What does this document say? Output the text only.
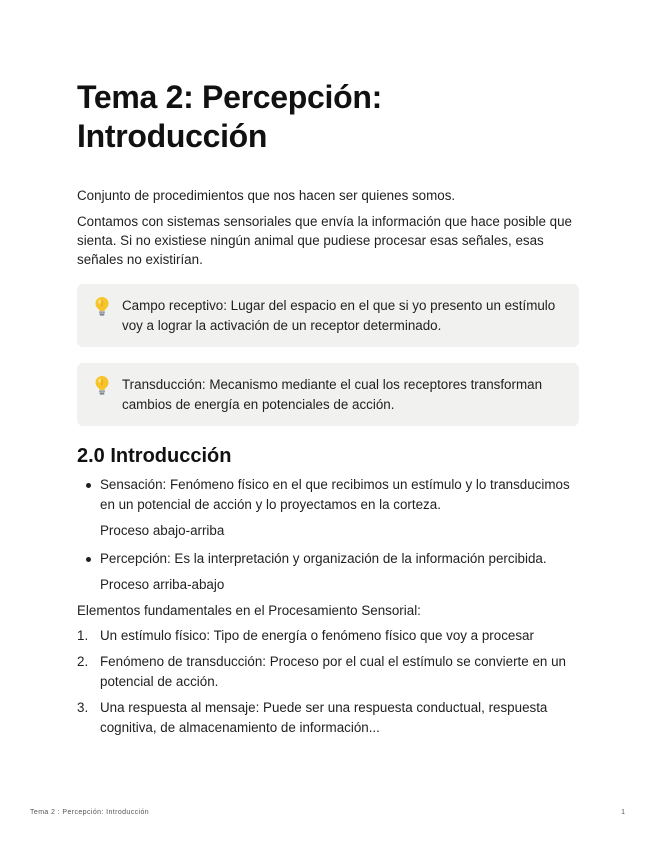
Tema 2: Percepción:
Introducción

Conjunto de procedimientos que nos hacen ser quienes somos.

Contamos con sistemas sensoriales que envía la información que hace posible que sienta. Si no existiese ningún animal que pudiese procesar esas señales, esas señales no existirían.

Campo receptivo: Lugar del espacio en el que si yo presento un estímulo voy a lograr la activación de un receptor determinado.
Transducción: Mecanismo mediante el cual los receptores transforman cambios de energía en potenciales de acción.
2.0 Introducción
Sensación: Fenómeno físico en el que recibimos un estímulo y lo transducimos en un potencial de acción y lo proyectamos en la corteza.
Proceso abajo-arriba
Percepción: Es la interpretación y organización de la información percibida.
Proceso arriba-abajo
Elementos fundamentales en el Procesamiento Sensorial:
1. Un estímulo físico: Tipo de energía o fenómeno físico que voy a procesar
2. Fenómeno de transducción: Proceso por el cual el estímulo se convierte en un potencial de acción.
3. Una respuesta al mensaje: Puede ser una respuesta conductual, respuesta cognitiva, de almacenamiento de información...
Tema 2 : Percepción: Introducción	1
